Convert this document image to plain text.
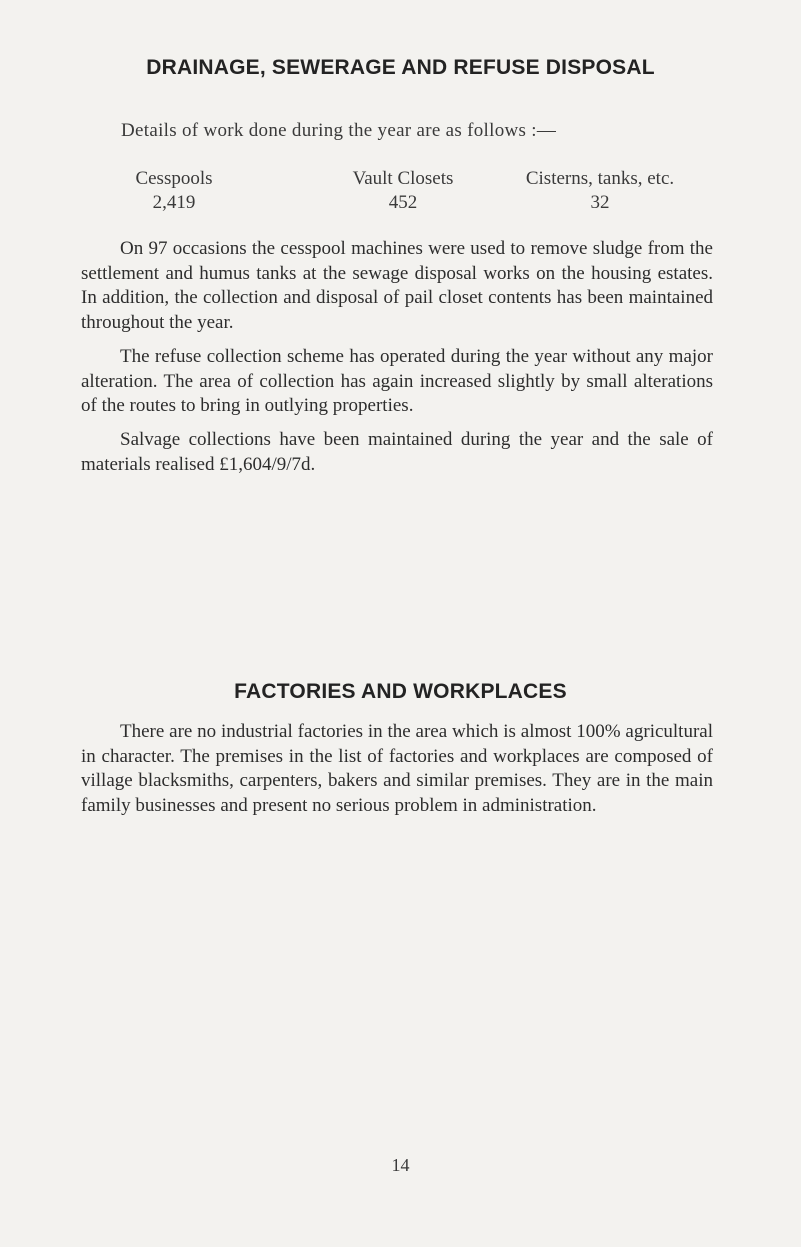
DRAINAGE, SEWERAGE AND REFUSE DISPOSAL
Details of work done during the year are as follows :—
Cesspools
2,419
Vault Closets
452
Cisterns, tanks, etc.
32

On 97 occasions the cesspool machines were used to remove sludge from the settlement and humus tanks at the sewage disposal works on the housing estates. In addition, the collection and disposal of pail closet contents has been maintained throughout the year.

The refuse collection scheme has operated during the year without any major alteration. The area of collection has again increased slightly by small alterations of the routes to bring in outlying properties.

Salvage collections have been maintained during the year and the sale of materials realised £1,604/9/7d.

FACTORIES AND WORKPLACES

There are no industrial factories in the area which is almost 100% agricultural in character. The premises in the list of factories and workplaces are composed of village blacksmiths, carpenters, bakers and similar premises. They are in the main family businesses and present no serious problem in administration.

14
